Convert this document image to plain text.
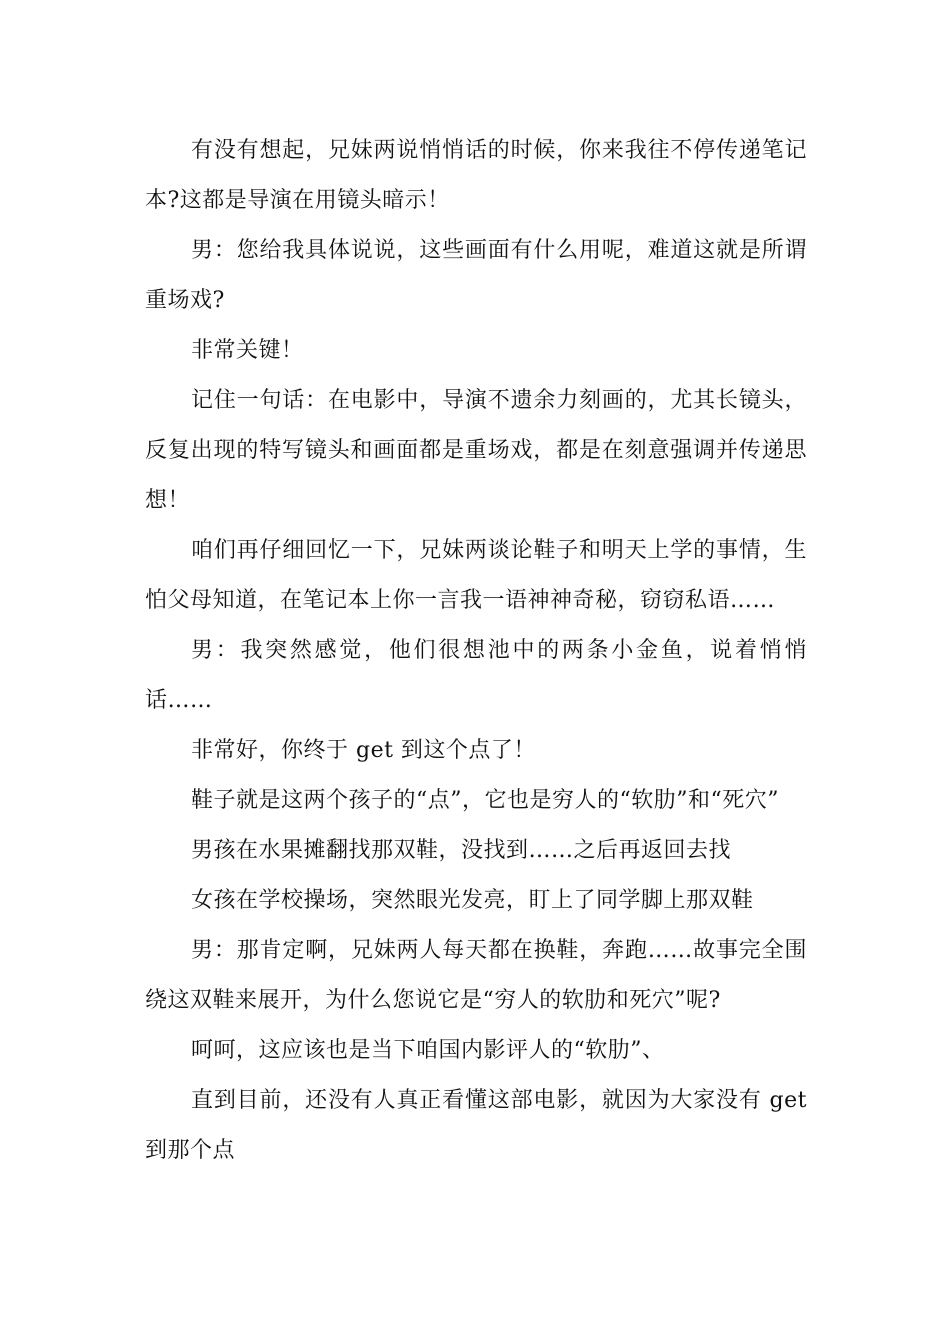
有没有想起，兄妹两说悄悄话的时候，你来我往不停传递笔记本?这都是导演在用镜头暗示！

男：您给我具体说说，这些画面有什么用呢，难道这就是所谓重场戏?

非常关键！

记住一句话：在电影中，导演不遗余力刻画的，尤其长镜头，反复出现的特写镜头和画面都是重场戏，都是在刻意强调并传递思想！

咱们再仔细回忆一下，兄妹两谈论鞋子和明天上学的事情，生怕父母知道，在笔记本上你一言我一语神神奇秘，窃窃私语……

男：我突然感觉，他们很想池中的两条小金鱼，说着悄悄话……

非常好，你终于 get 到这个点了！

鞋子就是这两个孩子的“点”，它也是穷人的“软肋”和“死穴”

男孩在水果摊翻找那双鞋，没找到……之后再返回去找

女孩在学校操场，突然眼光发亮，盯上了同学脚上那双鞋

男：那肯定啊，兄妹两人每天都在换鞋，奔跑……故事完全围绕这双鞋来展开，为什么您说它是“穷人的软肋和死穴”呢?

呵呵，这应该也是当下咱国内影评人的“软肋”、

直到目前，还没有人真正看懂这部电影，就因为大家没有 get 到那个点
